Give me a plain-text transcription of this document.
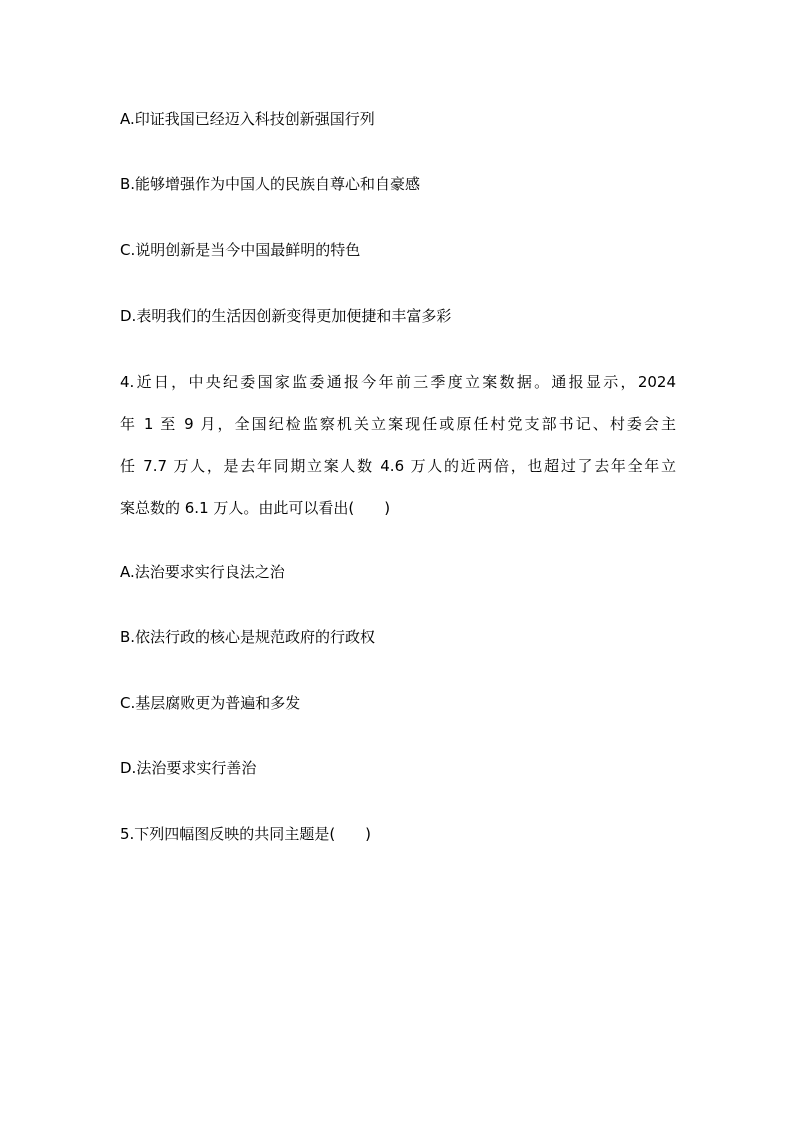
A.印证我国已经迈入科技创新强国行列
B.能够增强作为中国人的民族自尊心和自豪感
C.说明创新是当今中国最鲜明的特色
D.表明我们的生活因创新变得更加便捷和丰富多彩
4.近日，中央纪委国家监委通报今年前三季度立案数据。通报显示，2024
年 1 至 9 月，全国纪检监察机关立案现任或原任村党支部书记、村委会主
任 7.7 万人，是去年同期立案人数 4.6 万人的近两倍，也超过了去年全年立
案总数的 6.1 万人。由此可以看出(　　)
A.法治要求实行良法之治
B.依法行政的核心是规范政府的行政权
C.基层腐败更为普遍和多发
D.法治要求实行善治
5.下列四幅图反映的共同主题是(　　)
